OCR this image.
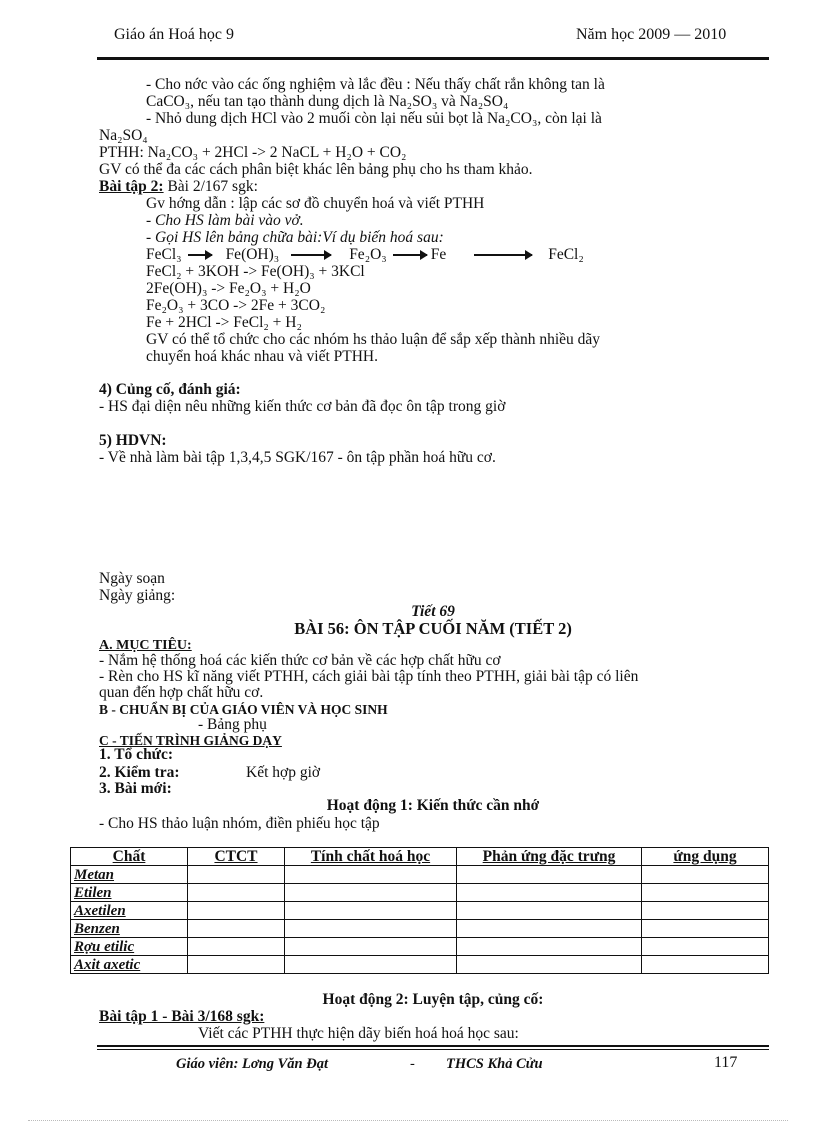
Giáo án Hoá học 9	Năm học 2009 — 2010
- Cho nớc vào các ống nghiệm và lắc đều : Nếu thấy chất rắn không tan là
CaCO₃, nếu tan tạo thành dung dịch là Na₂SO₃ và Na₂SO₄
- Nhỏ dung dịch HCl vào 2 muối còn lại nếu sủi bọt là Na₂CO₃, còn lại là
Na₂SO₄
PTHH: Na₂CO₃ + 2HCl -> 2 NaCL + H₂O + CO₂
GV có thể đa các cách phân biệt khác lên bảng phụ cho hs tham khảo.
Bài tập 2: Bài 2/167 sgk:
Gv hớng dẫn : lập các sơ đồ chuyển hoá và viết PTHH
- Cho HS làm bài vào vở.
- Gọi HS lên bảng chữa bài:Ví dụ biến hoá sau:
FeCl₃	Fe(OH)₃	Fe₂O₃	Fe	FeCl₂
FeCl₂ + 3KOH -> Fe(OH)₃ + 3KCl
2Fe(OH)₃ -> Fe₂O₃ + H₂O
Fe₂O₃ + 3CO -> 2Fe + 3CO₂
Fe + 2HCl -> FeCl₂ + H₂
GV có thể tổ chức cho các nhóm hs thảo luận để sắp xếp thành nhiều dãy
chuyển hoá khác nhau và viết PTHH.
4) Củng cố, đánh giá:
- HS đại diện nêu những kiến thức cơ bản đã đọc ôn tập trong giờ
5) HDVN:
- Về nhà làm bài tập 1,3,4,5 SGK/167 - ôn tập phần hoá hữu cơ.
Ngày soạn
Ngày giảng:
Tiết 69
BÀI 56: ÔN TẬP CUỐI NĂM (TIẾT 2)
A. MỤC TIÊU:
- Nắm hệ thống hoá các kiến thức cơ bản về các hợp chất hữu cơ
- Rèn cho HS kĩ năng viết PTHH, cách giải bài tập tính theo PTHH, giải bài tập có liên
quan đến hợp chất hữu cơ.
B - CHUẨN BỊ CỦA GIÁO VIÊN VÀ HỌC SINH
- Bảng phụ
C - TIẾN TRÌNH GIẢNG DẠY
1. Tổ chức:
2. Kiểm tra:	Kết hợp giờ
3. Bài mới:
Hoạt động 1: Kiến thức cần nhớ
- Cho HS thảo luận nhóm, điền phiếu học tập
Chất	CTCT	Tính chất hoá học	Phản ứng đặc trưng	ứng dụng
Metan				
Etilen				
Axetilen				
Benzen				
Rợu etilic				
Axit axetic				
Hoạt động 2: Luyện tập, củng cố:
Bài tập 1 - Bài 3/168 sgk:
Viết các PTHH thực hiện dãy biến hoá hoá học sau:
Giáo viên: Lơng Văn Đạt	- THCS Khả Cửu	117
